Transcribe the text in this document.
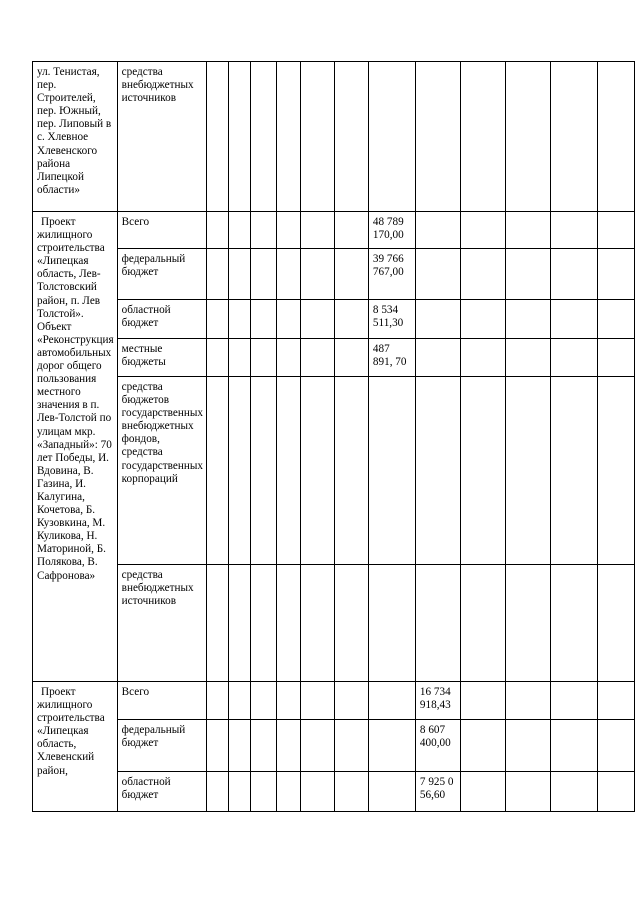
ул. Тенистая, пер. Строителей, пер. Южный, пер. Липовый в с. Хлевное Хлевенского района Липецкой области»	средства внебюджетных источников												
Проект жилищного строительства «Липецкая область, Лев-Толстовский район, п. Лев Толстой». Объект «Реконструкция автомобильных дорог общего пользования местного значения в п. Лев-Толстой по улицам мкр. «Западный»: 70 лет Победы, И. Вдовина, В. Газина, И. Калугина, Кочетова, Б. Кузовкина, М. Куликова, Н. Маториной, Б. Полякова, В. Сафронова»	Всего							48 789 170,00					
	федеральный бюджет							39 766 767,00					
	областной бюджет							8 534 511,30					
	местные бюджеты							487 891, 70					
	средства бюджетов государственных внебюджетных фондов, средства государственных корпораций												
	средства внебюджетных источников												
Проект жилищного строительства «Липецкая область, Хлевенский район,	Всего								16 734 918,43				
	федеральный бюджет								8 607 400,00				
	областной бюджет								7 925 0 56,60				
